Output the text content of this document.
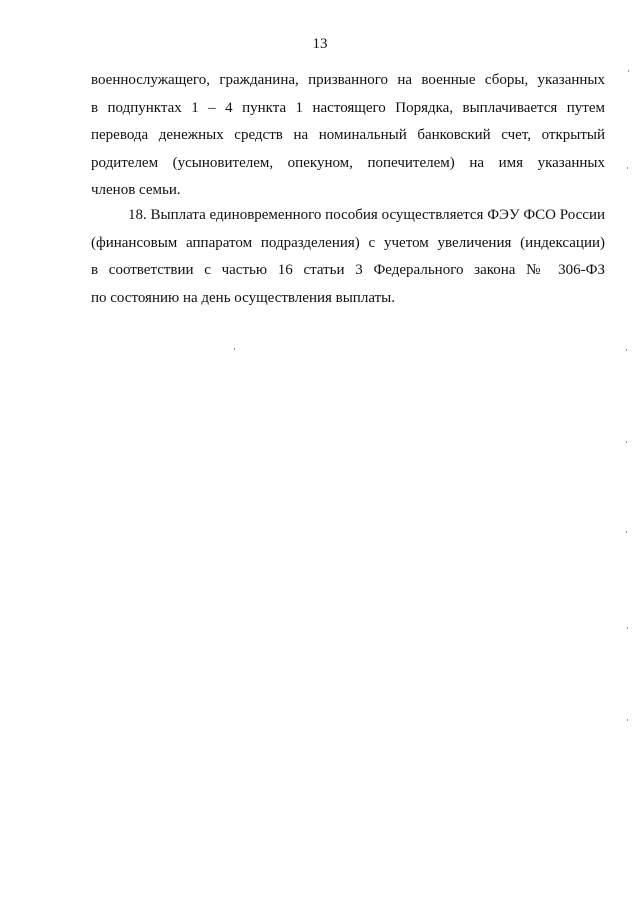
13
военнослужащего, гражданина, призванного на военные сборы, указанных
в подпунктах 1 – 4 пункта 1 настоящего Порядка, выплачивается путем
перевода денежных средств на номинальный банковский счет, открытый
родителем (усыновителем, опекуном, попечителем) на имя указанных
членов семьи.
18. Выплата единовременного пособия осуществляется ФЭУ ФСО России
(финансовым аппаратом подразделения) с учетом увеличения (индексации)
в соответствии с частью 16 статьи 3 Федерального закона № 306-ФЗ
по состоянию на день осуществления выплаты.
